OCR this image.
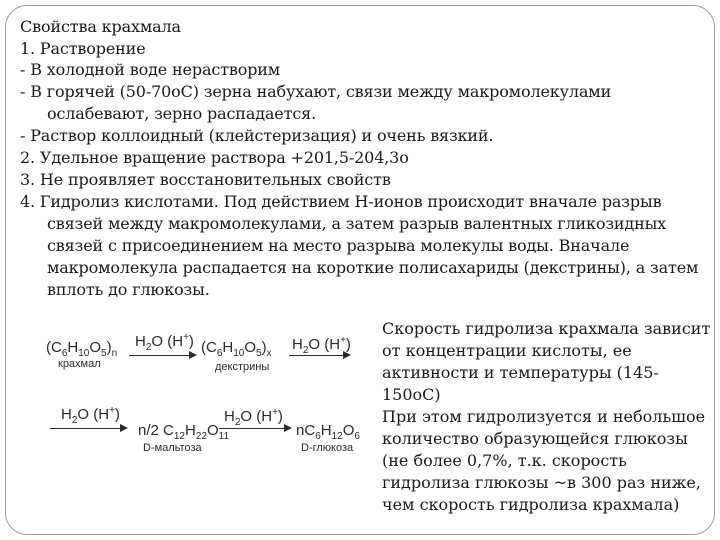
Свойства крахмала
1. Растворение
- В холодной воде нерастворим
- В горячей (50-70оС) зерна набухают, связи между макромолекулами
ослабевают, зерно распадается.
- Раствор коллоидный (клейстеризация) и очень вязкий.
2. Удельное вращение раствора +201,5-204,3о
3. Не проявляет восстановительных свойств
4. Гидролиз кислотами. Под действием Н-ионов происходит вначале разрыв
связей между макромолекулами, а затем разрыв валентных гликозидных
связей с присоединением на место разрыва молекулы воды. Вначале
макромолекула распадается на короткие полисахариды (декстрины), а затем
вплоть до глюкозы.
Скорость гидролиза крахмала зависит
от концентрации кислоты, ее
активности и температуры (145-
150оС)
При этом гидролизуется и небольшое
количество образующейся глюкозы
(не более 0,7%, т.к. скорость
гидролиза глюкозы ~в 300 раз ниже,
чем скорость гидролиза крахмала)
$(C_6H_{10}O_5)_n$
крахмал
$H_2O$ (H+) $(C_6H_{10}O_5)_x$
декстрины
$H_2O$ (H+)
$H_2O$ (H+)
n/2 $C_{12}H_{22}O_{11}$
D-мальтоза
$H_2O$ (H+)
$nC_6H_{12}O_6$
D-глюкоза
